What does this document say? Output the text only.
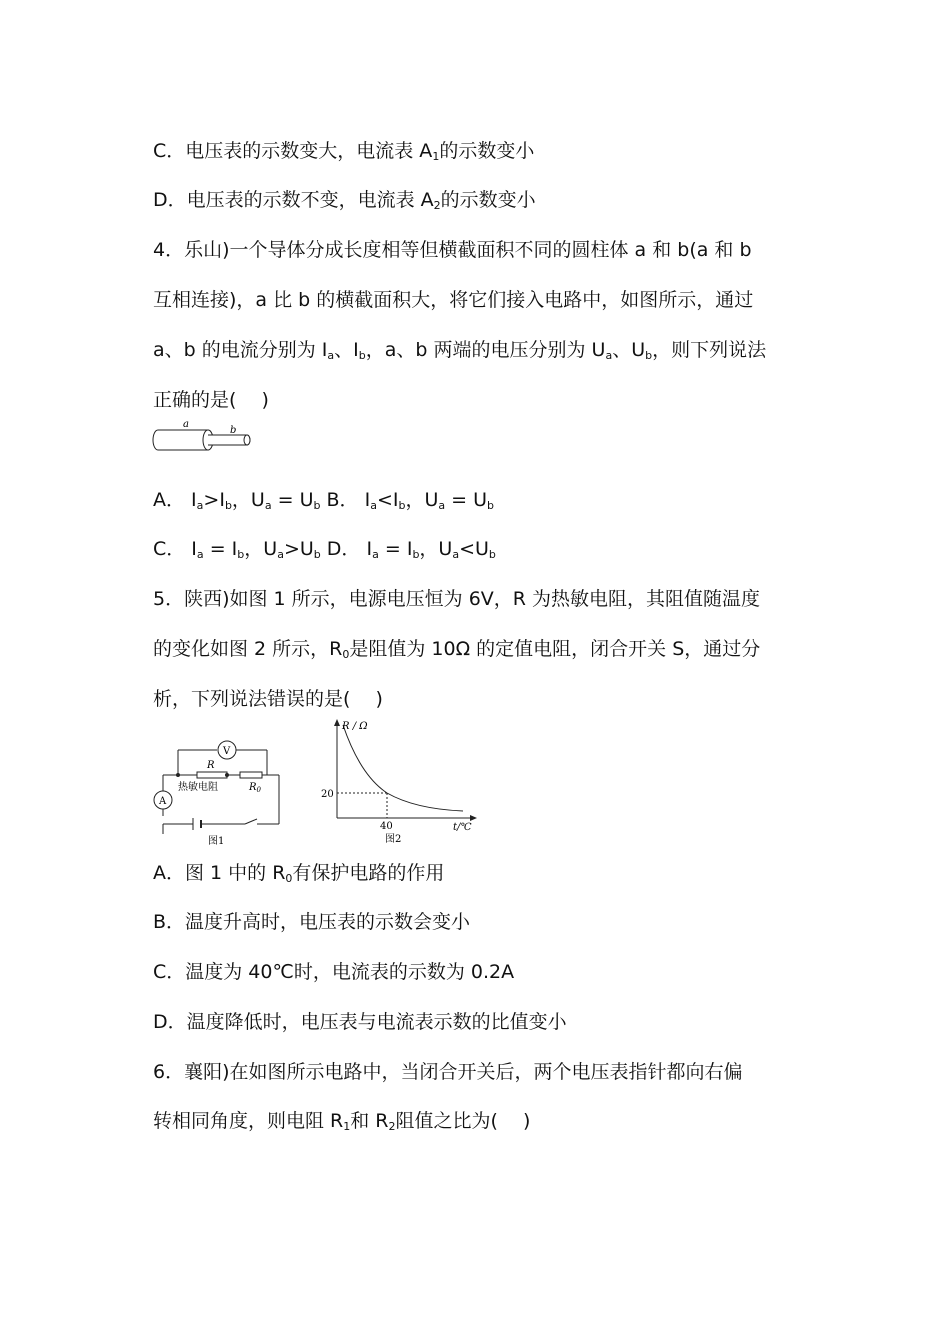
C．电压表的示数变大，电流表 $A_1$的示数变小
D．电压表的示数不变，电流表 $A_2$的示数变小
4．乐山)一个导体分成长度相等但横截面积不同的圆柱体 a 和 b(a 和 b
互相连接)，a 比 b 的横截面积大，将它们接入电路中，如图所示，通过
a、b 的电流分别为 $I_a$、$I_b$，a、b 两端的电压分别为 $U_a$、$U_b$，则下列说法
正确的是(　 )
a
b
A． $I_a>I_b$，$U_a = U_b$ B． $I_a<I_b$，$U_a = U_b$
C． $I_a = I_b$，$U_a>U_b$ D． $I_a = I_b$，$U_a<U_b$
5．陕西)如图 1 所示，电源电压恒为 6V，R 为热敏电阻，其阻值随温度
的变化如图 2 所示，$R_0$是阻值为 10Ω 的定值电阻，闭合开关 S，通过分
析，下列说法错误的是(　 )
V
A
R
热敏电阻	$R_0$
图1
R / Ω
t/℃
20
40
图2
A．图 1 中的 $R_0$有保护电路的作用
B．温度升高时，电压表的示数会变小
C．温度为 40℃时，电流表的示数为 0.2A
D．温度降低时，电压表与电流表示数的比值变小
6．襄阳)在如图所示电路中，当闭合开关后，两个电压表指针都向右偏
转相同角度，则电阻 $R_1$和 $R_2$阻值之比为(　 )
